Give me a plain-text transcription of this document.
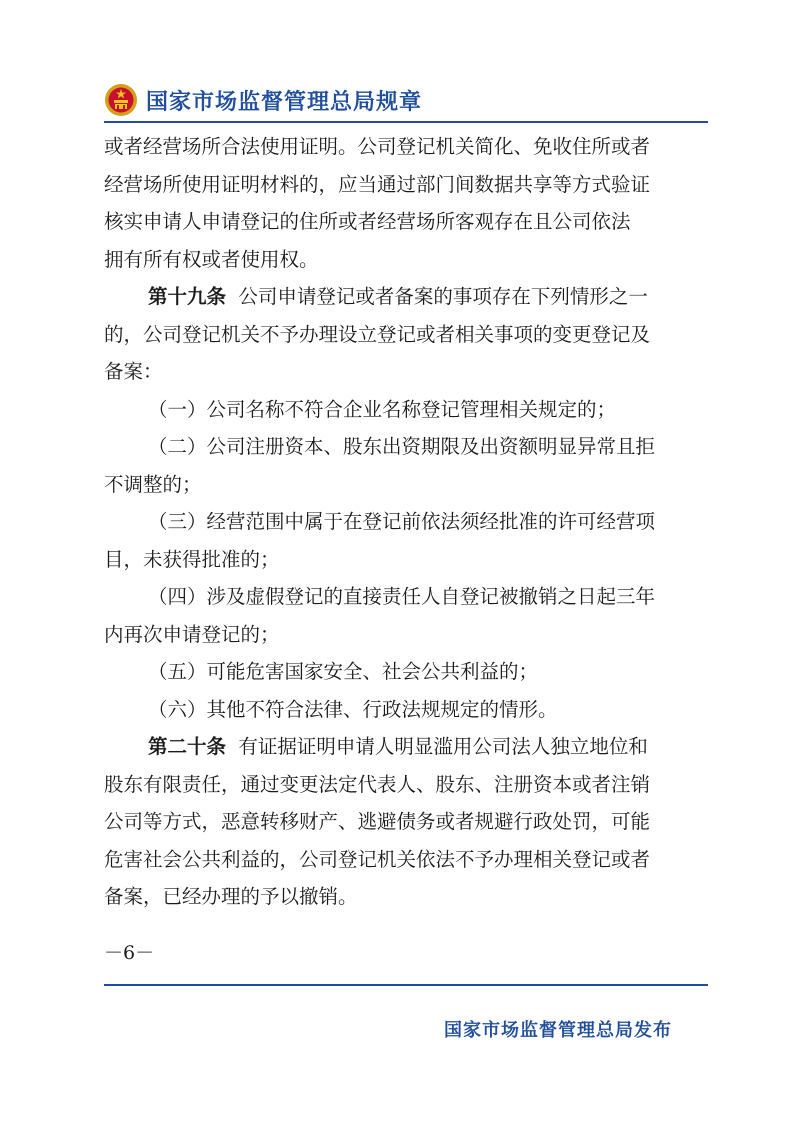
国家市场监督管理总局规章
或者经营场所合法使用证明。公司登记机关简化、免收住所或者
经营场所使用证明材料的，应当通过部门间数据共享等方式验证
核实申请人申请登记的住所或者经营场所客观存在且公司依法
拥有所有权或者使用权。
第十九条 公司申请登记或者备案的事项存在下列情形之一
的，公司登记机关不予办理设立登记或者相关事项的变更登记及
备案：
（一）公司名称不符合企业名称登记管理相关规定的；
（二）公司注册资本、股东出资期限及出资额明显异常且拒
不调整的；
（三）经营范围中属于在登记前依法须经批准的许可经营项
目，未获得批准的；
（四）涉及虚假登记的直接责任人自登记被撤销之日起三年
内再次申请登记的；
（五）可能危害国家安全、社会公共利益的；
（六）其他不符合法律、行政法规规定的情形。
第二十条 有证据证明申请人明显滥用公司法人独立地位和
股东有限责任，通过变更法定代表人、股东、注册资本或者注销
公司等方式，恶意转移财产、逃避债务或者规避行政处罚，可能
危害社会公共利益的，公司登记机关依法不予办理相关登记或者
备案，已经办理的予以撤销。
－6－
国家市场监督管理总局发布
